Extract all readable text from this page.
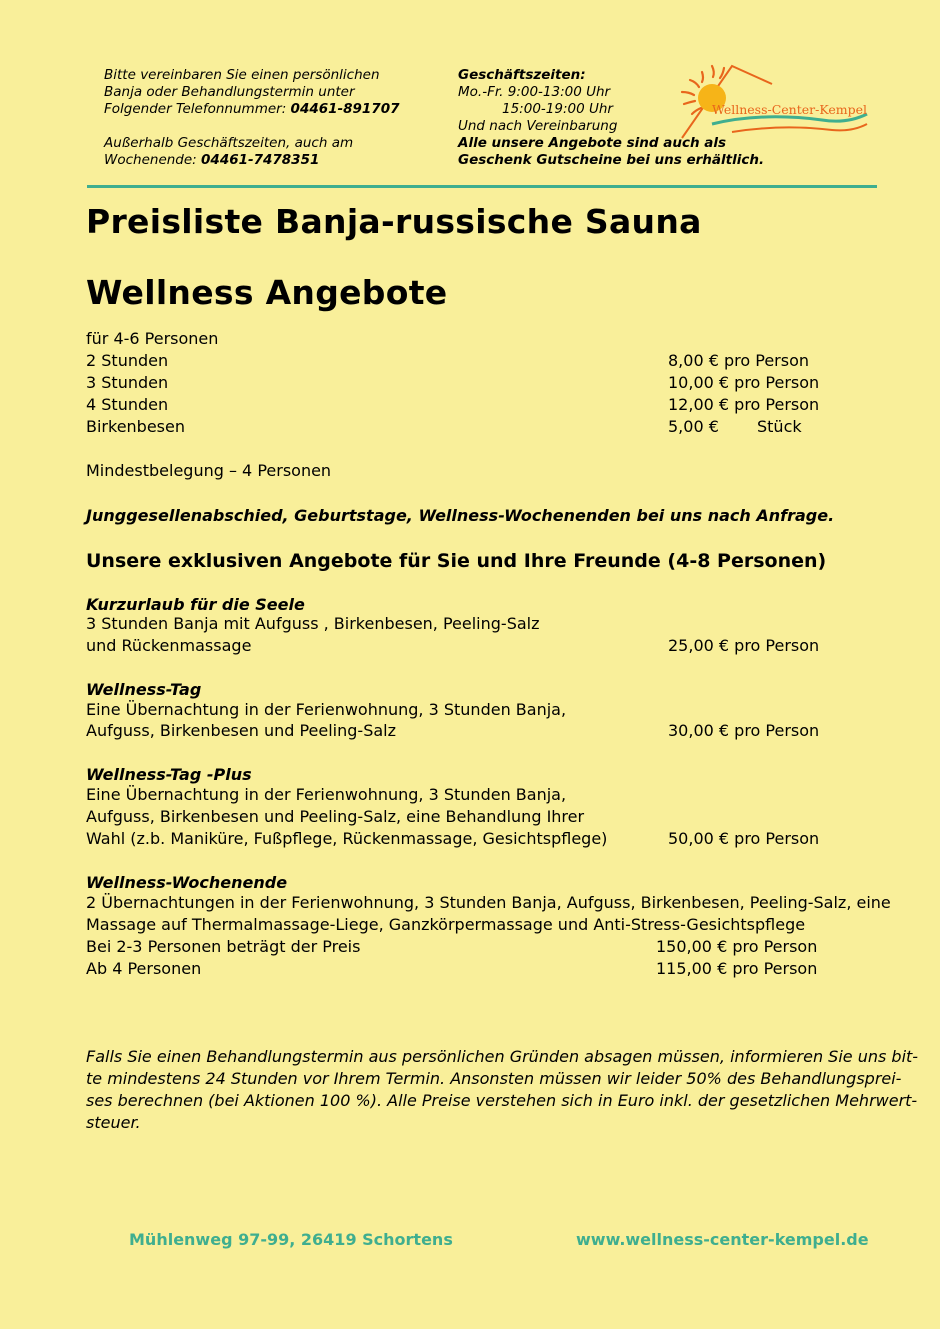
Bitte vereinbaren Sie einen persönlichen
Banja oder Behandlungstermin unter
Folgender Telefonnummer: 04461-891707
Außerhalb Geschäftszeiten, auch am
Wochenende: 04461-7478351
Geschäftszeiten:
Mo.-Fr. 9:00-13:00 Uhr
15:00-19:00 Uhr
Und nach Vereinbarung
Alle unsere Angebote sind auch als
Geschenk Gutscheine bei uns erhältlich.
Wellness-Center-Kempel
Preisliste Banja-russische Sauna
Wellness Angebote
für 4-6 Personen
2 Stunden	8,00 € pro Person
3 Stunden	10,00 € pro Person
4 Stunden	12,00 € pro Person
Birkenbesen	5,00 € Stück
Mindestbelegung – 4 Personen
Junggesellenabschied, Geburtstage, Wellness-Wochenenden bei uns nach Anfrage.
Unsere exklusiven Angebote für Sie und Ihre Freunde (4-8 Personen)
Kurzurlaub für die Seele
3 Stunden Banja mit Aufguss , Birkenbesen, Peeling-Salz
und Rückenmassage	25,00 € pro Person
Wellness-Tag
Eine Übernachtung in der Ferienwohnung, 3 Stunden Banja,
Aufguss, Birkenbesen und Peeling-Salz	30,00 € pro Person
Wellness-Tag -Plus
Eine Übernachtung in der Ferienwohnung, 3 Stunden Banja,
Aufguss, Birkenbesen und Peeling-Salz, eine Behandlung Ihrer
Wahl (z.b. Maniküre, Fußpflege, Rückenmassage, Gesichtspflege)	50,00 € pro Person
Wellness-Wochenende
2 Übernachtungen in der Ferienwohnung, 3 Stunden Banja, Aufguss, Birkenbesen, Peeling-Salz, eine
Massage auf Thermalmassage-Liege, Ganzkörpermassage und Anti-Stress-Gesichtspflege
Bei 2-3 Personen beträgt der Preis	150,00 € pro Person
Ab 4 Personen	115,00 € pro Person
Falls Sie einen Behandlungstermin aus persönlichen Gründen absagen müssen, informieren Sie uns bit-
te mindestens 24 Stunden vor Ihrem Termin. Ansonsten müssen wir leider 50% des Behandlungsprei-
ses berechnen (bei Aktionen 100 %). Alle Preise verstehen sich in Euro inkl. der gesetzlichen Mehrwert-
steuer.
Mühlenweg 97-99, 26419 Schortens	www.wellness-center-kempel.de
